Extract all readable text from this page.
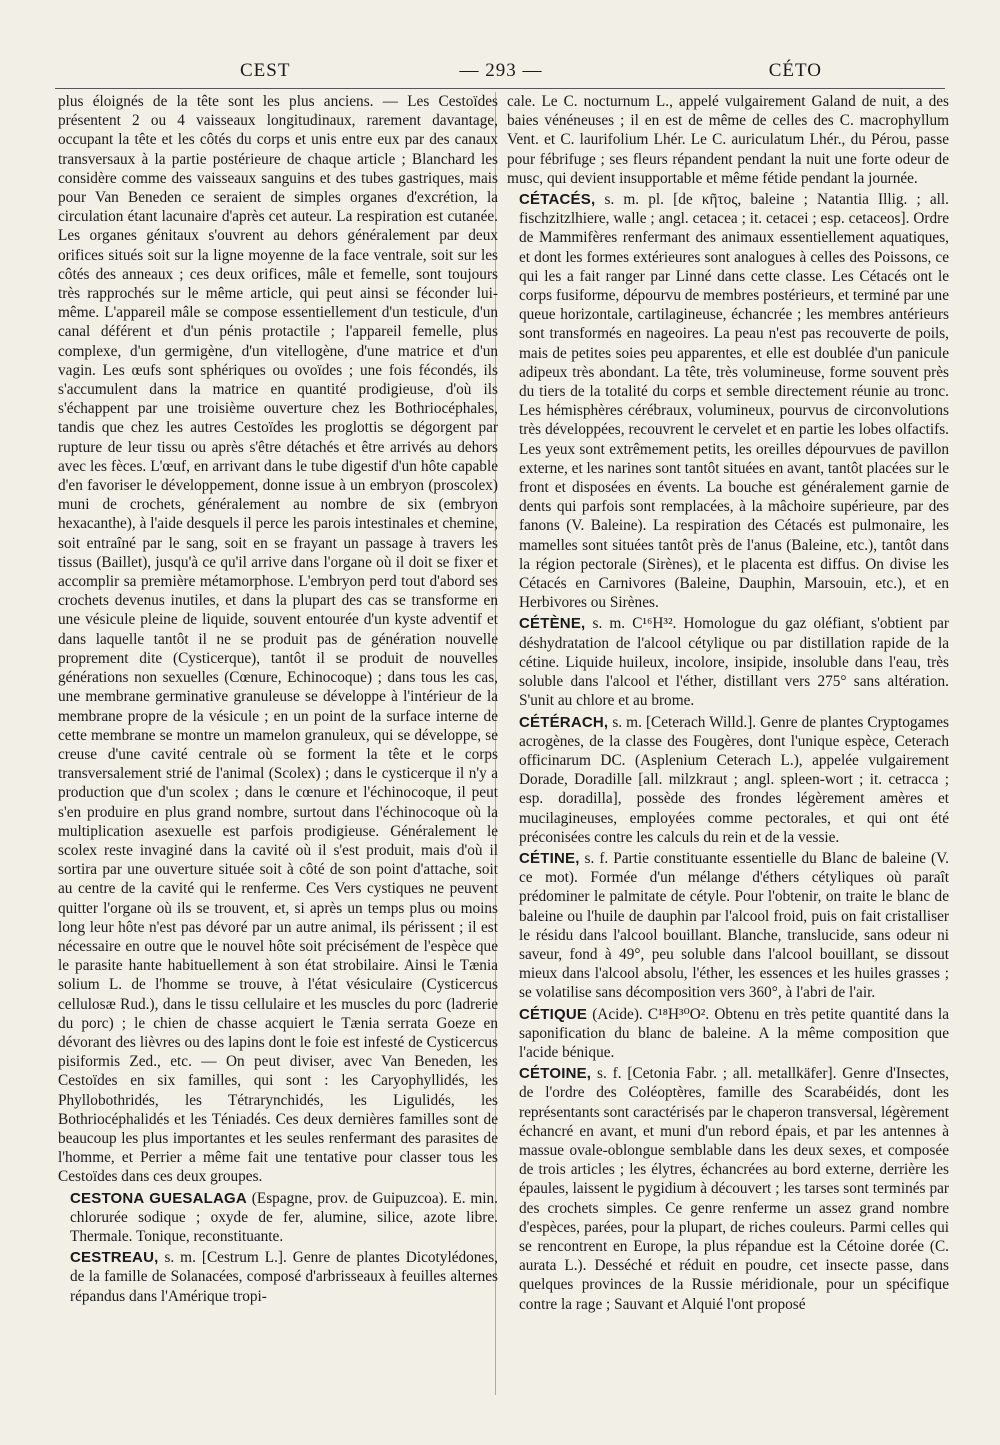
CEST	— 293 —	CÉTO

plus éloignés de la tête sont les plus anciens. — Les Cestoïdes présentent 2 ou 4 vaisseaux longitudinaux, rarement davantage, occupant la tête et les côtés du corps et unis entre eux par des canaux transversaux à la partie postérieure de chaque article ; Blanchard les considère comme des vaisseaux sanguins et des tubes gastriques, mais pour Van Beneden ce seraient de simples organes d'excrétion, la circulation étant lacunaire d'après cet auteur. La respiration est cutanée. Les organes génitaux s'ouvrent au dehors généralement par deux orifices situés soit sur la ligne moyenne de la face ventrale, soit sur les côtés des anneaux ; ces deux orifices, mâle et femelle, sont toujours très rapprochés sur le même article, qui peut ainsi se féconder lui-même. L'appareil mâle se compose essentiellement d'un testicule, d'un canal déférent et d'un pénis protactile ; l'appareil femelle, plus complexe, d'un germigène, d'un vitellogène, d'une matrice et d'un vagin. Les œufs sont sphériques ou ovoïdes ; une fois fécondés, ils s'accumulent dans la matrice en quantité prodigieuse, d'où ils s'échappent par une troisième ouverture chez les Bothriocéphales, tandis que chez les autres Cestoïdes les proglottis se dégorgent par rupture de leur tissu ou après s'être détachés et être arrivés au dehors avec les fèces. L'œuf, en arrivant dans le tube digestif d'un hôte capable d'en favoriser le développement, donne issue à un embryon (proscolex) muni de crochets, généralement au nombre de six (embryon hexacanthe), à l'aide desquels il perce les parois intestinales et chemine, soit entraîné par le sang, soit en se frayant un passage à travers les tissus (Baillet), jusqu'à ce qu'il arrive dans l'organe où il doit se fixer et accomplir sa première métamorphose. L'embryon perd tout d'abord ses crochets devenus inutiles, et dans la plupart des cas se transforme en une vésicule pleine de liquide, souvent entourée d'un kyste adventif et dans laquelle tantôt il ne se produit pas de génération nouvelle proprement dite (Cysticerque), tantôt il se produit de nouvelles générations non sexuelles (Cœnure, Echinocoque) ; dans tous les cas, une membrane germinative granuleuse se développe à l'intérieur de la membrane propre de la vésicule ; en un point de la surface interne de cette membrane se montre un mamelon granuleux, qui se développe, se creuse d'une cavité centrale où se forment la tête et le corps transversalement strié de l'animal (Scolex) ; dans le cysticerque il n'y a production que d'un scolex ; dans le cœnure et l'échinocoque, il peut s'en produire en plus grand nombre, surtout dans l'échinocoque où la multiplication asexuelle est parfois prodigieuse. Généralement le scolex reste invaginé dans la cavité où il s'est produit, mais d'où il sortira par une ouverture située soit à côté de son point d'attache, soit au centre de la cavité qui le renferme. Ces Vers cystiques ne peuvent quitter l'organe où ils se trouvent, et, si après un temps plus ou moins long leur hôte n'est pas dévoré par un autre animal, ils périssent ; il est nécessaire en outre que le nouvel hôte soit précisément de l'espèce que le parasite hante habituellement à son état strobilaire. Ainsi le Tænia solium L. de l'homme se trouve, à l'état vésiculaire (Cysticercus cellulosæ Rud.), dans le tissu cellulaire et les muscles du porc (ladrerie du porc) ; le chien de chasse acquiert le Tænia serrata Goeze en dévorant des lièvres ou des lapins dont le foie est infesté de Cysticercus pisiformis Zed., etc. — On peut diviser, avec Van Beneden, les Cestoïdes en six familles, qui sont : les Caryophyllidés, les Phyllobothridés, les Tétrarynchidés, les Ligulidés, les Bothriocéphalidés et les Téniadés. Ces deux dernières familles sont de beaucoup les plus importantes et les seules renfermant des parasites de l'homme, et Perrier a même fait une tentative pour classer tous les Cestoïdes dans ces deux groupes.

CESTONA GUESALAGA (Espagne, prov. de Guipuzcoa). E. min. chlorurée sodique ; oxyde de fer, alumine, silice, azote libre. Thermale. Tonique, reconstituante.

CESTREAU, s. m. [Cestrum L.]. Genre de plantes Dicotylédones, de la famille de Solanacées, composé d'arbrisseaux à feuilles alternes répandus dans l'Amérique tropi-

cale. Le C. nocturnum L., appelé vulgairement Galand de nuit, a des baies vénéneuses ; il en est de même de celles des C. macrophyllum Vent. et C. laurifolium Lhér. Le C. auriculatum Lhér., du Pérou, passe pour fébrifuge ; ses fleurs répandent pendant la nuit une forte odeur de musc, qui devient insupportable et même fétide pendant la journée.

CÉTACÉS, s. m. pl. [de κῆτος, baleine ; Natantia Illig. ; all. fischzitzlhiere, walle ; angl. cetacea ; it. cetacei ; esp. cetaceos]. Ordre de Mammifères renfermant des animaux essentiellement aquatiques, et dont les formes extérieures sont analogues à celles des Poissons, ce qui les a fait ranger par Linné dans cette classe. Les Cétacés ont le corps fusiforme, dépourvu de membres postérieurs, et terminé par une queue horizontale, cartilagineuse, échancrée ; les membres antérieurs sont transformés en nageoires. La peau n'est pas recouverte de poils, mais de petites soies peu apparentes, et elle est doublée d'un panicule adipeux très abondant. La tête, très volumineuse, forme souvent près du tiers de la totalité du corps et semble directement réunie au tronc. Les hémisphères cérébraux, volumineux, pourvus de circonvolutions très développées, recouvrent le cervelet et en partie les lobes olfactifs. Les yeux sont extrêmement petits, les oreilles dépourvues de pavillon externe, et les narines sont tantôt situées en avant, tantôt placées sur le front et disposées en évents. La bouche est généralement garnie de dents qui parfois sont remplacées, à la mâchoire supérieure, par des fanons (V. Baleine). La respiration des Cétacés est pulmonaire, les mamelles sont situées tantôt près de l'anus (Baleine, etc.), tantôt dans la région pectorale (Sirènes), et le placenta est diffus. On divise les Cétacés en Carnivores (Baleine, Dauphin, Marsouin, etc.), et en Herbivores ou Sirènes.

CÉTÈNE, s. m. C¹⁶H³². Homologue du gaz oléfiant, s'obtient par déshydratation de l'alcool cétylique ou par distillation rapide de la cétine. Liquide huileux, incolore, insipide, insoluble dans l'eau, très soluble dans l'alcool et l'éther, distillant vers 275° sans altération. S'unit au chlore et au brome.

CÉTÉRACH, s. m. [Ceterach Willd.]. Genre de plantes Cryptogames acrogènes, de la classe des Fougères, dont l'unique espèce, Ceterach officinarum DC. (Asplenium Ceterach L.), appelée vulgairement Dorade, Doradille [all. milzkraut ; angl. spleen-wort ; it. cetracca ; esp. doradilla], possède des frondes légèrement amères et mucilagineuses, employées comme pectorales, et qui ont été préconisées contre les calculs du rein et de la vessie.

CÉTINE, s. f. Partie constituante essentielle du Blanc de baleine (V. ce mot). Formée d'un mélange d'éthers cétyliques où paraît prédominer le palmitate de cétyle. Pour l'obtenir, on traite le blanc de baleine ou l'huile de dauphin par l'alcool froid, puis on fait cristalliser le résidu dans l'alcool bouillant. Blanche, translucide, sans odeur ni saveur, fond à 49°, peu soluble dans l'alcool bouillant, se dissout mieux dans l'alcool absolu, l'éther, les essences et les huiles grasses ; se volatilise sans décomposition vers 360°, à l'abri de l'air.

CÉTIQUE (Acide). C¹⁸H³⁰O². Obtenu en très petite quantité dans la saponification du blanc de baleine. A la même composition que l'acide bénique.

CÉTOINE, s. f. [Cetonia Fabr. ; all. metallkäfer]. Genre d'Insectes, de l'ordre des Coléoptères, famille des Scarabéidés, dont les représentants sont caractérisés par le chaperon transversal, légèrement échancré en avant, et muni d'un rebord épais, et par les antennes à massue ovale-oblongue semblable dans les deux sexes, et composée de trois articles ; les élytres, échancrées au bord externe, derrière les épaules, laissent le pygidium à découvert ; les tarses sont terminés par des crochets simples. Ce genre renferme un assez grand nombre d'espèces, parées, pour la plupart, de riches couleurs. Parmi celles qui se rencontrent en Europe, la plus répandue est la Cétoine dorée (C. aurata L.). Desséché et réduit en poudre, cet insecte passe, dans quelques provinces de la Russie méridionale, pour un spécifique contre la rage ; Sauvant et Alquié l'ont proposé
